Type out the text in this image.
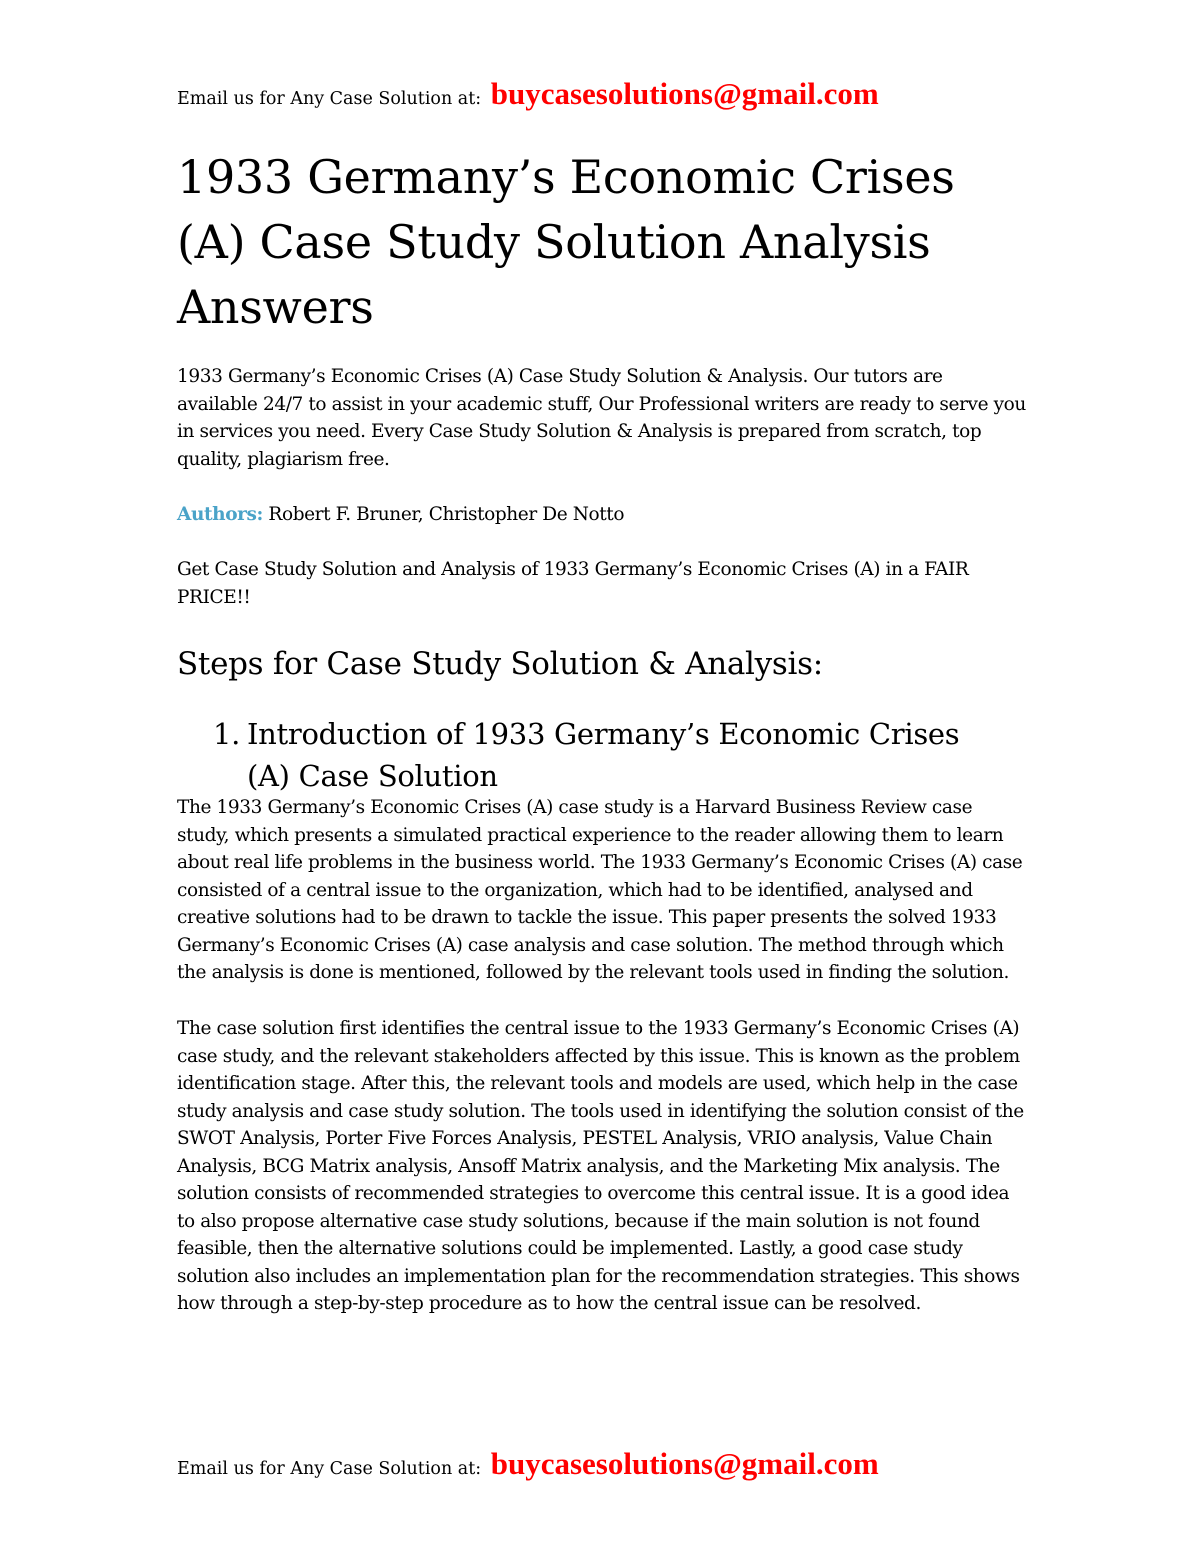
Email us for Any Case Solution at: buycasesolutions@gmail.com
1933 Germany’s Economic Crises (A) Case Study Solution Analysis Answers

1933 Germany’s Economic Crises (A) Case Study Solution & Analysis. Our tutors are available 24/7 to assist in your academic stuff, Our Professional writers are ready to serve you in services you need. Every Case Study Solution & Analysis is prepared from scratch, top quality, plagiarism free.

Authors: Robert F. Bruner, Christopher De Notto

Get Case Study Solution and Analysis of 1933 Germany’s Economic Crises (A) in a FAIR PRICE!!

Steps for Case Study Solution & Analysis:
1. Introduction of 1933 Germany’s Economic Crises (A) Case Solution

The 1933 Germany’s Economic Crises (A) case study is a Harvard Business Review case study, which presents a simulated practical experience to the reader allowing them to learn about real life problems in the business world. The 1933 Germany’s Economic Crises (A) case consisted of a central issue to the organization, which had to be identified, analysed and creative solutions had to be drawn to tackle the issue. This paper presents the solved 1933 Germany’s Economic Crises (A) case analysis and case solution. The method through which the analysis is done is mentioned, followed by the relevant tools used in finding the solution.

The case solution first identifies the central issue to the 1933 Germany’s Economic Crises (A) case study, and the relevant stakeholders affected by this issue. This is known as the problem identification stage. After this, the relevant tools and models are used, which help in the case study analysis and case study solution. The tools used in identifying the solution consist of the SWOT Analysis, Porter Five Forces Analysis, PESTEL Analysis, VRIO analysis, Value Chain Analysis, BCG Matrix analysis, Ansoff Matrix analysis, and the Marketing Mix analysis. The solution consists of recommended strategies to overcome this central issue. It is a good idea to also propose alternative case study solutions, because if the main solution is not found feasible, then the alternative solutions could be implemented. Lastly, a good case study solution also includes an implementation plan for the recommendation strategies. This shows how through a step-by-step procedure as to how the central issue can be resolved.

Email us for Any Case Solution at: buycasesolutions@gmail.com
